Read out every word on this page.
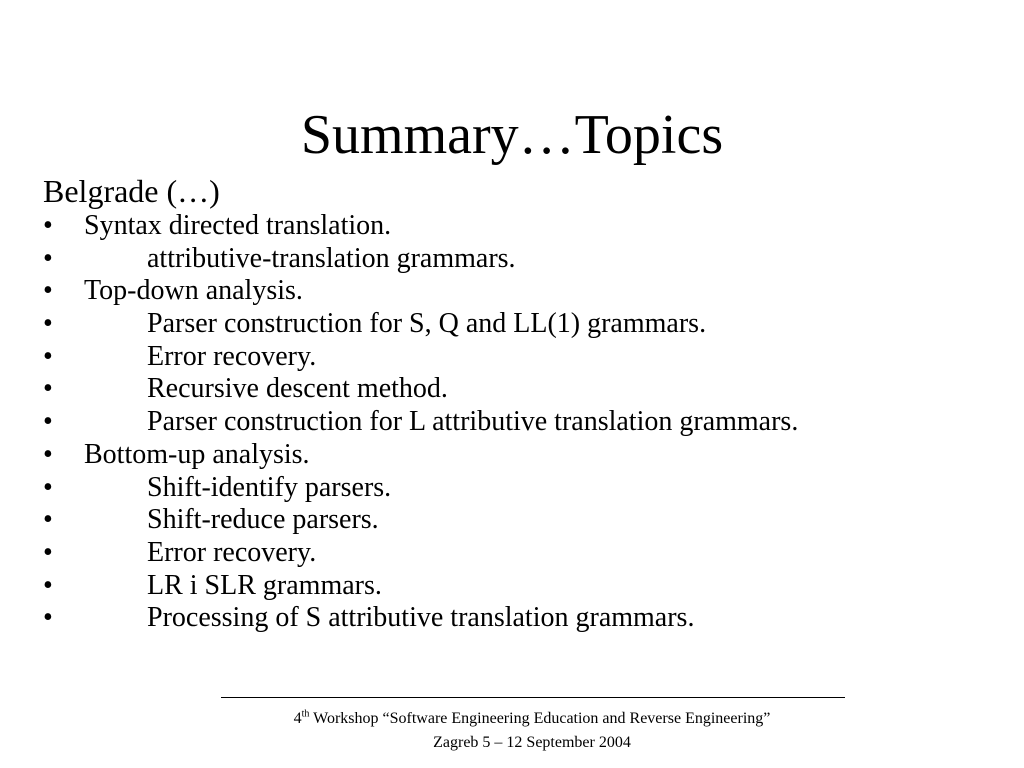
Summary…Topics
Belgrade (…)
• Syntax directed translation.
•	attributive-translation grammars.
• Top-down analysis.
•	Parser construction for S, Q and LL(1) grammars.
•	Error recovery.
•	Recursive descent method.
•	Parser construction for L attributive translation grammars.
• Bottom-up analysis.
•	Shift-identify parsers.
•	Shift-reduce parsers.
•	Error recovery.
•	LR i SLR grammars.
•	Processing of S attributive translation grammars.
4th Workshop “Software Engineering Education and Reverse Engineering”
Zagreb 5 – 12 September 2004
